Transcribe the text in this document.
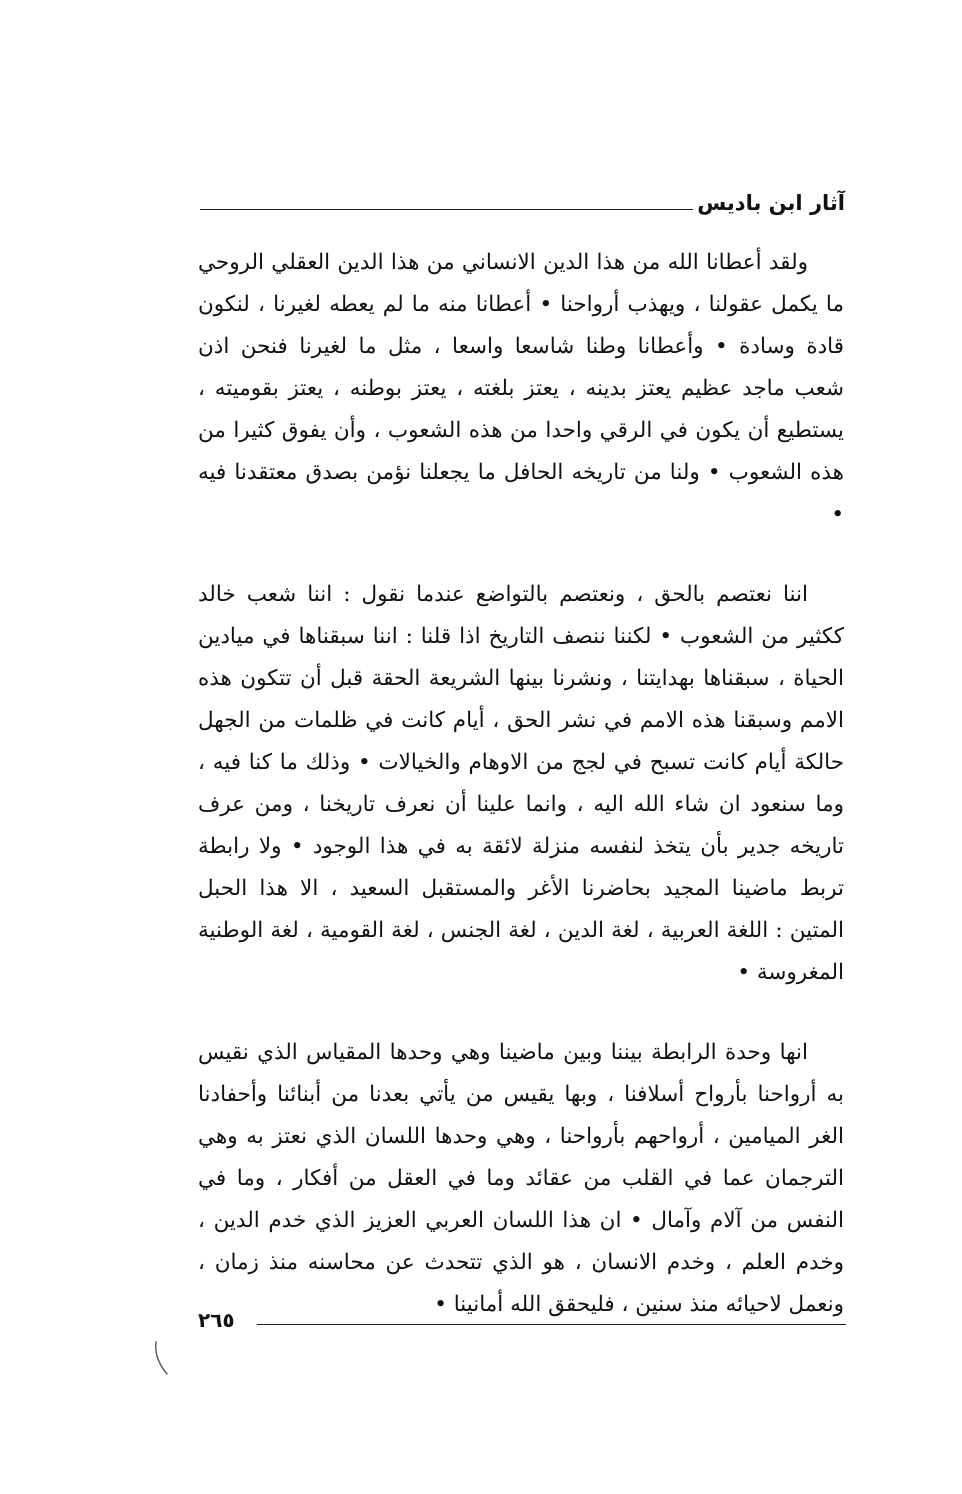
آثار ابن باديس

ولقد أعطانا الله من هذا الدين الانساني من هذا الدين العقلي الروحي ما يكمل عقولنا ، ويهذب أرواحنا • أعطانا منه ما لم يعطه لغيرنا ، لنكون قادة وسادة • وأعطانا وطنا شاسعا واسعا ، مثل ما لغيرنا فنحن اذن شعب ماجد عظيم يعتز بدينه ، يعتز بلغته ، يعتز بوطنه ، يعتز بقوميته ، يستطيع أن يكون في الرقي واحدا من هذه الشعوب ، وأن يفوق كثيرا من هذه الشعوب • ولنا من تاريخه الحافل ما يجعلنا نؤمن بصدق معتقدنا فيه •

اننا نعتصم بالحق ، ونعتصم بالتواضع عندما نقول : اننا شعب خالد ككثير من الشعوب • لكننا ننصف التاريخ اذا قلنا : اننا سبقناها في ميادين الحياة ، سبقناها بهدايتنا ، ونشرنا بينها الشريعة الحقة قبل أن تتكون هذه الامم وسبقنا هذه الامم في نشر الحق ، أيام كانت في ظلمات من الجهل حالكة أيام كانت تسبح في لجج من الاوهام والخيالات • وذلك ما كنا فيه ، وما سنعود ان شاء الله اليه ، وانما علينا أن نعرف تاريخنا ، ومن عرف تاريخه جدير بأن يتخذ لنفسه منزلة لائقة به في هذا الوجود • ولا رابطة تربط ماضينا المجيد بحاضرنا الأغر والمستقبل السعيد ، الا هذا الحبل المتين : اللغة العربية ، لغة الدين ، لغة الجنس ، لغة القومية ، لغة الوطنية المغروسة •

انها وحدة الرابطة بيننا وبين ماضينا وهي وحدها المقياس الذي نقيس به أرواحنا بأرواح أسلافنا ، وبها يقيس من يأتي بعدنا من أبنائنا وأحفادنا الغر الميامين ، أرواحهم بأرواحنا ، وهي وحدها اللسان الذي نعتز به وهي الترجمان عما في القلب من عقائد وما في العقل من أفكار ، وما في النفس من آلام وآمال • ان هذا اللسان العربي العزيز الذي خدم الدين ، وخدم العلم ، وخدم الانسان ، هو الذي تتحدث عن محاسنه منذ زمان ، ونعمل لاحيائه منذ سنين ، فليحقق الله أمانينا •

٢٦٥
